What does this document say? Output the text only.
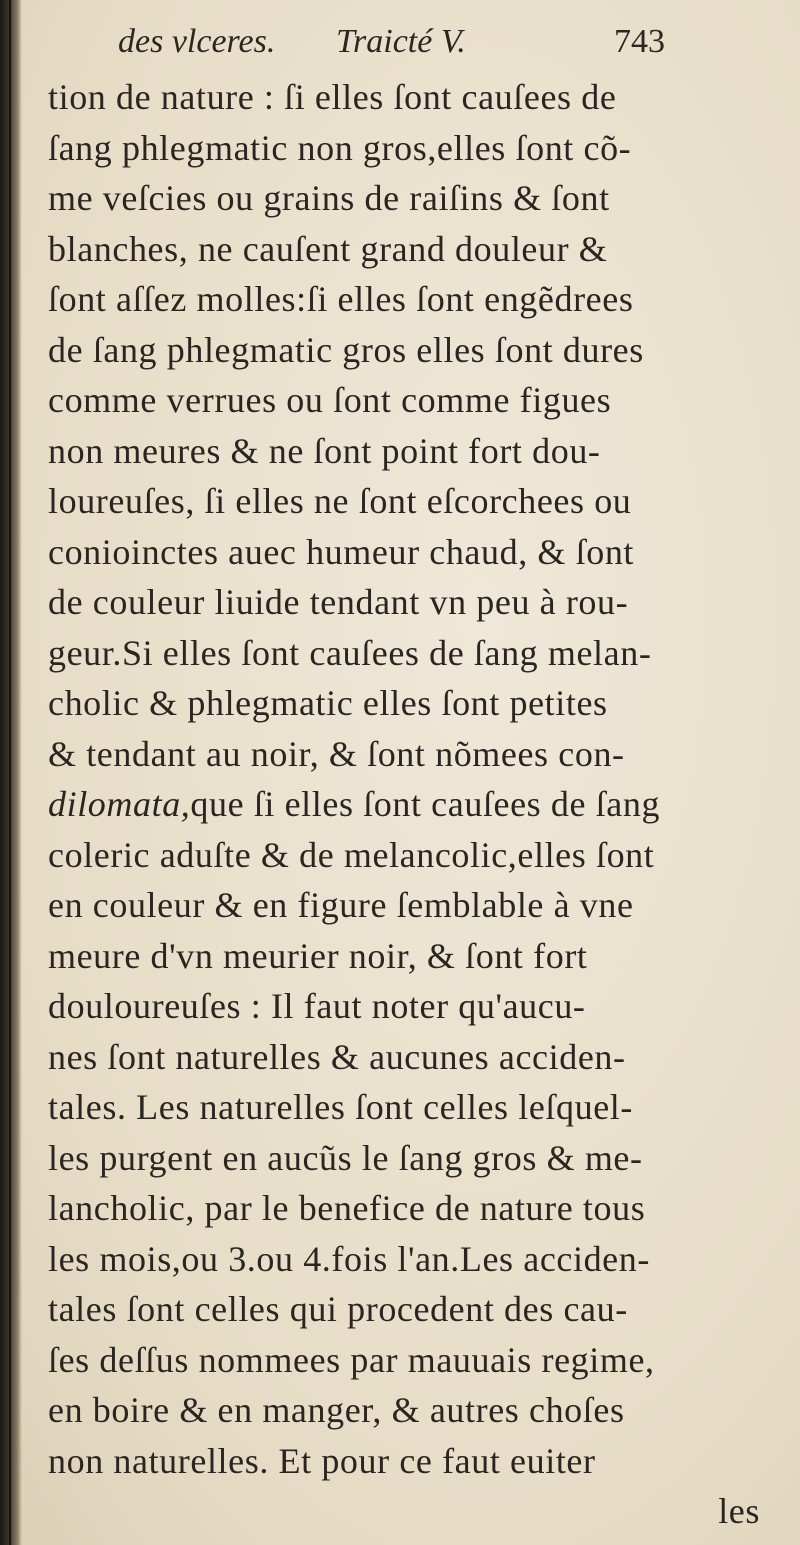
des vlceres. Traicté V.	743
tion de nature : ſi elles ſont cauſees de
ſang phlegmatic non gros,elles ſont cõ-
me veſcies ou grains de raiſins & ſont
blanches, ne cauſent grand douleur &
ſont aſſez molles:ſi elles ſont engẽdrees
de ſang phlegmatic gros elles ſont dures
comme verrues ou ſont comme figues
non meures & ne ſont point fort dou-
loureuſes, ſi elles ne ſont eſcorchees ou
conioinctes auec humeur chaud, & ſont
de couleur liuide tendant vn peu à rou-
geur.Si elles ſont cauſees de ſang melan-
cholic & phlegmatic elles ſont petites
& tendant au noir, & ſont nõmees con-
dilomata,que ſi elles ſont cauſees de ſang
coleric aduſte & de melancolic,elles ſont
en couleur & en figure ſemblable à vne
meure d'vn meurier noir, & ſont fort
douloureuſes : Il faut noter qu'aucu-
nes ſont naturelles & aucunes acciden-
tales. Les naturelles ſont celles leſquel-
les purgent en aucũs le ſang gros & me-
lancholic, par le benefice de nature tous
les mois,ou 3.ou 4.fois l'an.Les acciden-
tales ſont celles qui procedent des cau-
ſes deſſus nommees par mauuais regime,
en boire & en manger, & autres choſes
non naturelles. Et pour ce faut euiter
les
